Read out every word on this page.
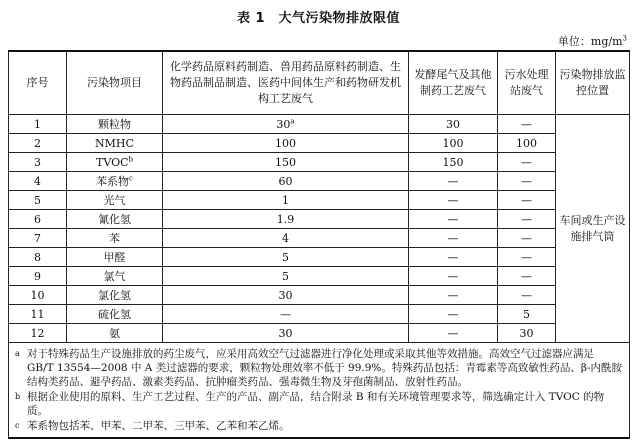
表 1　大气污染物排放限值
单位：$mg/m^3$
序号	污染物项目	化学药品原料药制造、兽用药品原料药制造、生物药品制品制造、医药中间体生产和药物研发机构工艺废气	发酵尾气及其他制药工艺废气	污水处理站废气	污染物排放监控位置
1	颗粒物	30$^a$	30	—	车间或生产设施排气筒
2	NMHC	100	100	100	
3	TVOC$^b$	150	150	—	
4	苯系物$^c$	60	—	—	
5	光气	1	—	—	
6	氰化氢	1.9	—	—	
7	苯	4	—	—	
8	甲醛	5	—	—	
9	氯气	5	—	—	
10	氯化氢	30	—	—	
11	硫化氢	—	—	5	
12	氨	30	—	30	

a 对于特殊药品生产设施排放的药尘废气，应采用高效空气过滤器进行净化处理或采取其他等效措施。高效空气过滤器应满足 GB/T 13554—2008 中 A 类过滤器的要求，颗粒物处理效率不低于 99.9%。特殊药品包括：青霉素等高致敏性药品、β-内酰胺结构类药品、避孕药品、激素类药品、抗肿瘤类药品、强毒微生物及芽孢菌制品、放射性药品。
b 根据企业使用的原料、生产工艺过程、生产的产品、副产品，结合附录 B 和有关环境管理要求等，筛选确定计入 TVOC 的物质。
c 苯系物包括苯、甲苯、二甲苯、三甲苯、乙苯和苯乙烯。					
